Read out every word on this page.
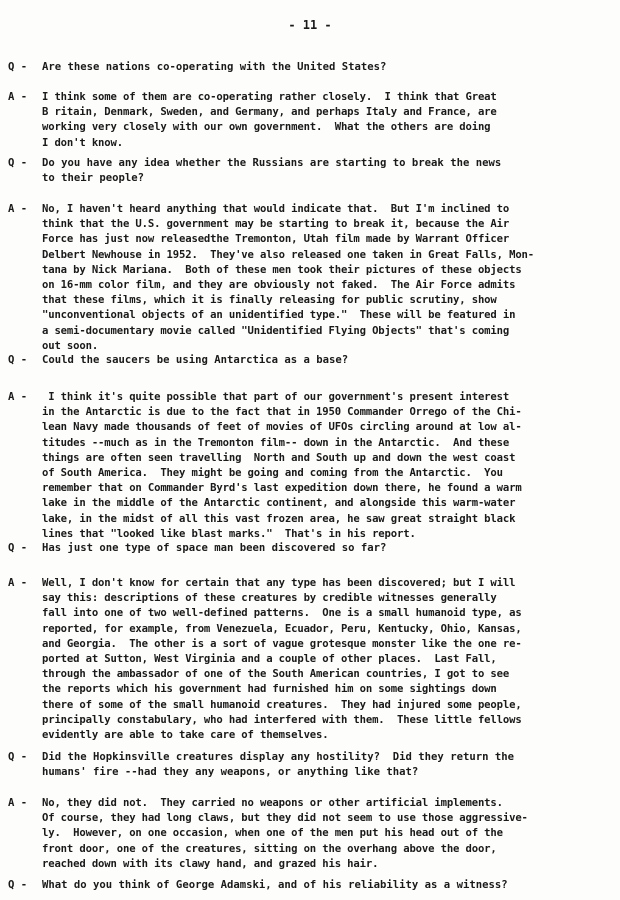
- 11 -
Q - Are these nations co-operating with the United States?
A - I think some of them are co-operating rather closely.  I think that Great
B ritain, Denmark, Sweden, and Germany, and perhaps Italy and France, are
working very closely with our own government.  What the others are doing
I don't know.
Q - Do you have any idea whether the Russians are starting to break the news
to their people?
A - No, I haven't heard anything that would indicate that.  But I'm inclined to
think that the U.S. government may be starting to break it, because the Air
Force has just now releasedthe Tremonton, Utah film made by Warrant Officer
Delbert Newhouse in 1952.  They've also released one taken in Great Falls, Mon-
tana by Nick Mariana.  Both of these men took their pictures of these objects
on 16-mm color film, and they are obviously not faked.  The Air Force admits
that these films, which it is finally releasing for public scrutiny, show
"unconventional objects of an unidentified type."  These will be featured in
a semi-documentary movie called "Unidentified Flying Objects" that's coming
out soon.
Q - Could the saucers be using Antarctica as a base?
A - I think it's quite possible that part of our government's present interest
in the Antarctic is due to the fact that in 1950 Commander Orrego of the Chi-
lean Navy made thousands of feet of movies of UFOs circling around at low al-
titudes --much as in the Tremonton film-- down in the Antarctic.  And these
things are often seen travelling  North and South up and down the west coast
of South America.  They might be going and coming from the Antarctic.  You
remember that on Commander Byrd's last expedition down there, he found a warm
lake in the middle of the Antarctic continent, and alongside this warm-water
lake, in the midst of all this vast frozen area, he saw great straight black
lines that "looked like blast marks."  That's in his report.
Q - Has just one type of space man been discovered so far?
A - Well, I don't know for certain that any type has been discovered; but I will
say this: descriptions of these creatures by credible witnesses generally
fall into one of two well-defined patterns.  One is a small humanoid type, as
reported, for example, from Venezuela, Ecuador, Peru, Kentucky, Ohio, Kansas,
and Georgia.  The other is a sort of vague grotesque monster like the one re-
ported at Sutton, West Virginia and a couple of other places.  Last Fall,
through the ambassador of one of the South American countries, I got to see
the reports which his government had furnished him on some sightings down
there of some of the small humanoid creatures.  They had injured some people,
principally constabulary, who had interfered with them.  These little fellows
evidently are able to take care of themselves.
Q - Did the Hopkinsville creatures display any hostility?  Did they return the
humans' fire --had they any weapons, or anything like that?
A - No, they did not.  They carried no weapons or other artificial implements.
Of course, they had long claws, but they did not seem to use those aggressive-
ly.  However, on one occasion, when one of the men put his head out of the
front door, one of the creatures, sitting on the overhang above the door,
reached down with its clawy hand, and grazed his hair.
Q - What do you think of George Adamski, and of his reliability as a witness?
